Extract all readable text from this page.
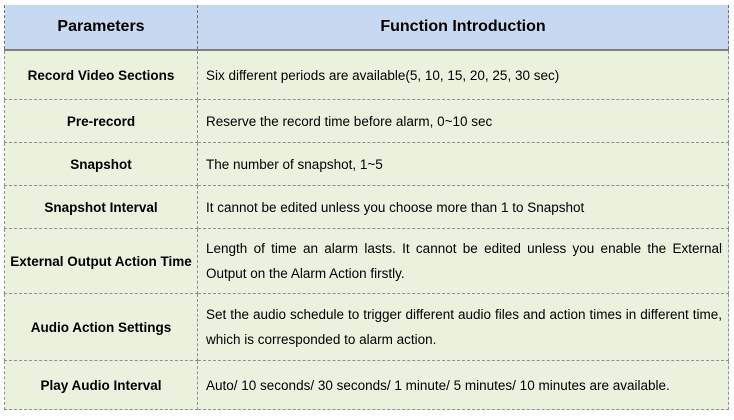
Parameters	Function Introduction
Record Video Sections	Six different periods are available(5, 10, 15, 20, 25, 30 sec)
Pre-record	Reserve the record time before alarm, 0~10 sec
Snapshot	The number of snapshot, 1~5
Snapshot Interval	It cannot be edited unless you choose more than 1 to Snapshot
External Output Action Time	Length of time an alarm lasts. It cannot be edited unless you enable the External Output on the Alarm Action firstly.
Audio Action Settings	Set the audio schedule to trigger different audio files and action times in different time, which is corresponded to alarm action.
Play Audio Interval	Auto/ 10 seconds/ 30 seconds/ 1 minute/ 5 minutes/ 10 minutes are available.
